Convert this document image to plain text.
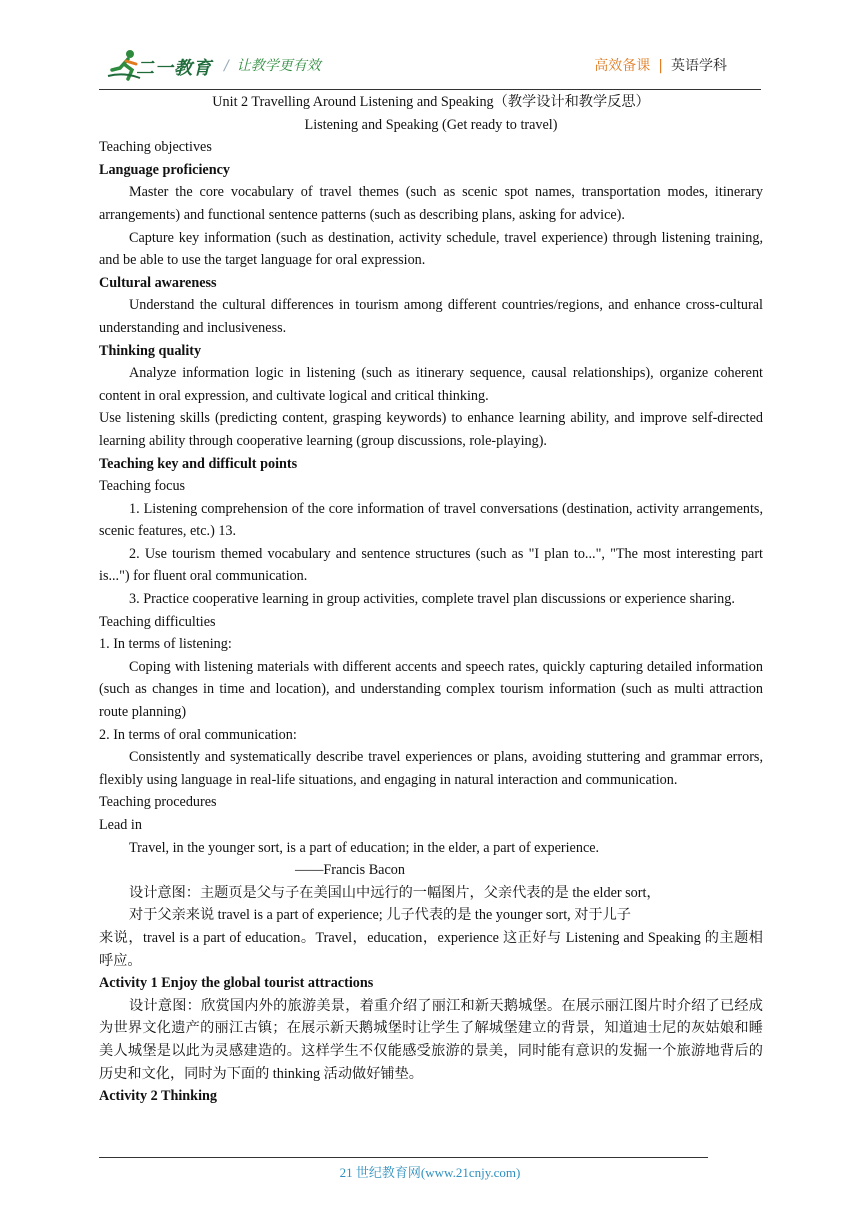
二一教育 / 让教学更有效	高效备课 | 英语学科

Unit 2 Travelling Around Listening and Speaking（教学设计和教学反思）

Listening and Speaking (Get ready to travel)

Teaching objectives

Language proficiency

Master the core vocabulary of travel themes (such as scenic spot names, transportation modes, itinerary arrangements) and functional sentence patterns (such as describing plans, asking for advice).

Capture key information (such as destination, activity schedule, travel experience) through listening training, and be able to use the target language for oral expression.

Cultural awareness

Understand the cultural differences in tourism among different countries/regions, and enhance cross-cultural understanding and inclusiveness.

Thinking quality

Analyze information logic in listening (such as itinerary sequence, causal relationships), organize coherent content in oral expression, and cultivate logical and critical thinking.

Use listening skills (predicting content, grasping keywords) to enhance learning ability, and improve self-directed learning ability through cooperative learning (group discussions, role-playing).

Teaching key and difficult points

Teaching focus

1. Listening comprehension of the core information of travel conversations (destination, activity arrangements, scenic features, etc.) 13.

2. Use tourism themed vocabulary and sentence structures (such as "I plan to...", "The most interesting part is...") for fluent oral communication.

3. Practice cooperative learning in group activities, complete travel plan discussions or experience sharing.

Teaching difficulties

1. In terms of listening:

Coping with listening materials with different accents and speech rates, quickly capturing detailed information (such as changes in time and location), and understanding complex tourism information (such as multi attraction route planning)

2. In terms of oral communication:

Consistently and systematically describe travel experiences or plans, avoiding stuttering and grammar errors, flexibly using language in real-life situations, and engaging in natural interaction and communication.

Teaching procedures

Lead in

Travel, in the younger sort, is a part of education; in the elder, a part of experience.

——Francis Bacon

设计意图：主题页是父与子在美国山中远行的一幅图片，父亲代表的是 the elder sort，

对于父亲来说 travel is a part of experience; 儿子代表的是 the younger sort, 对于儿子

来说，travel is a part of education。Travel，education，experience 这正好与 Listening and Speaking 的主题相呼应。

Activity 1 Enjoy the global tourist attractions

设计意图：欣赏国内外的旅游美景，着重介绍了丽江和新天鹅城堡。在展示丽江图片时介绍了已经成为世界文化遗产的丽江古镇；在展示新天鹅城堡时让学生了解城堡建立的背景，知道迪士尼的灰姑娘和睡美人城堡是以此为灵感建造的。这样学生不仅能感受旅游的景美，同时能有意识的发掘一个旅游地背后的历史和文化，同时为下面的 thinking 活动做好铺垫。

Activity 2 Thinking

21 世纪教育网(www.21cnjy.com)
